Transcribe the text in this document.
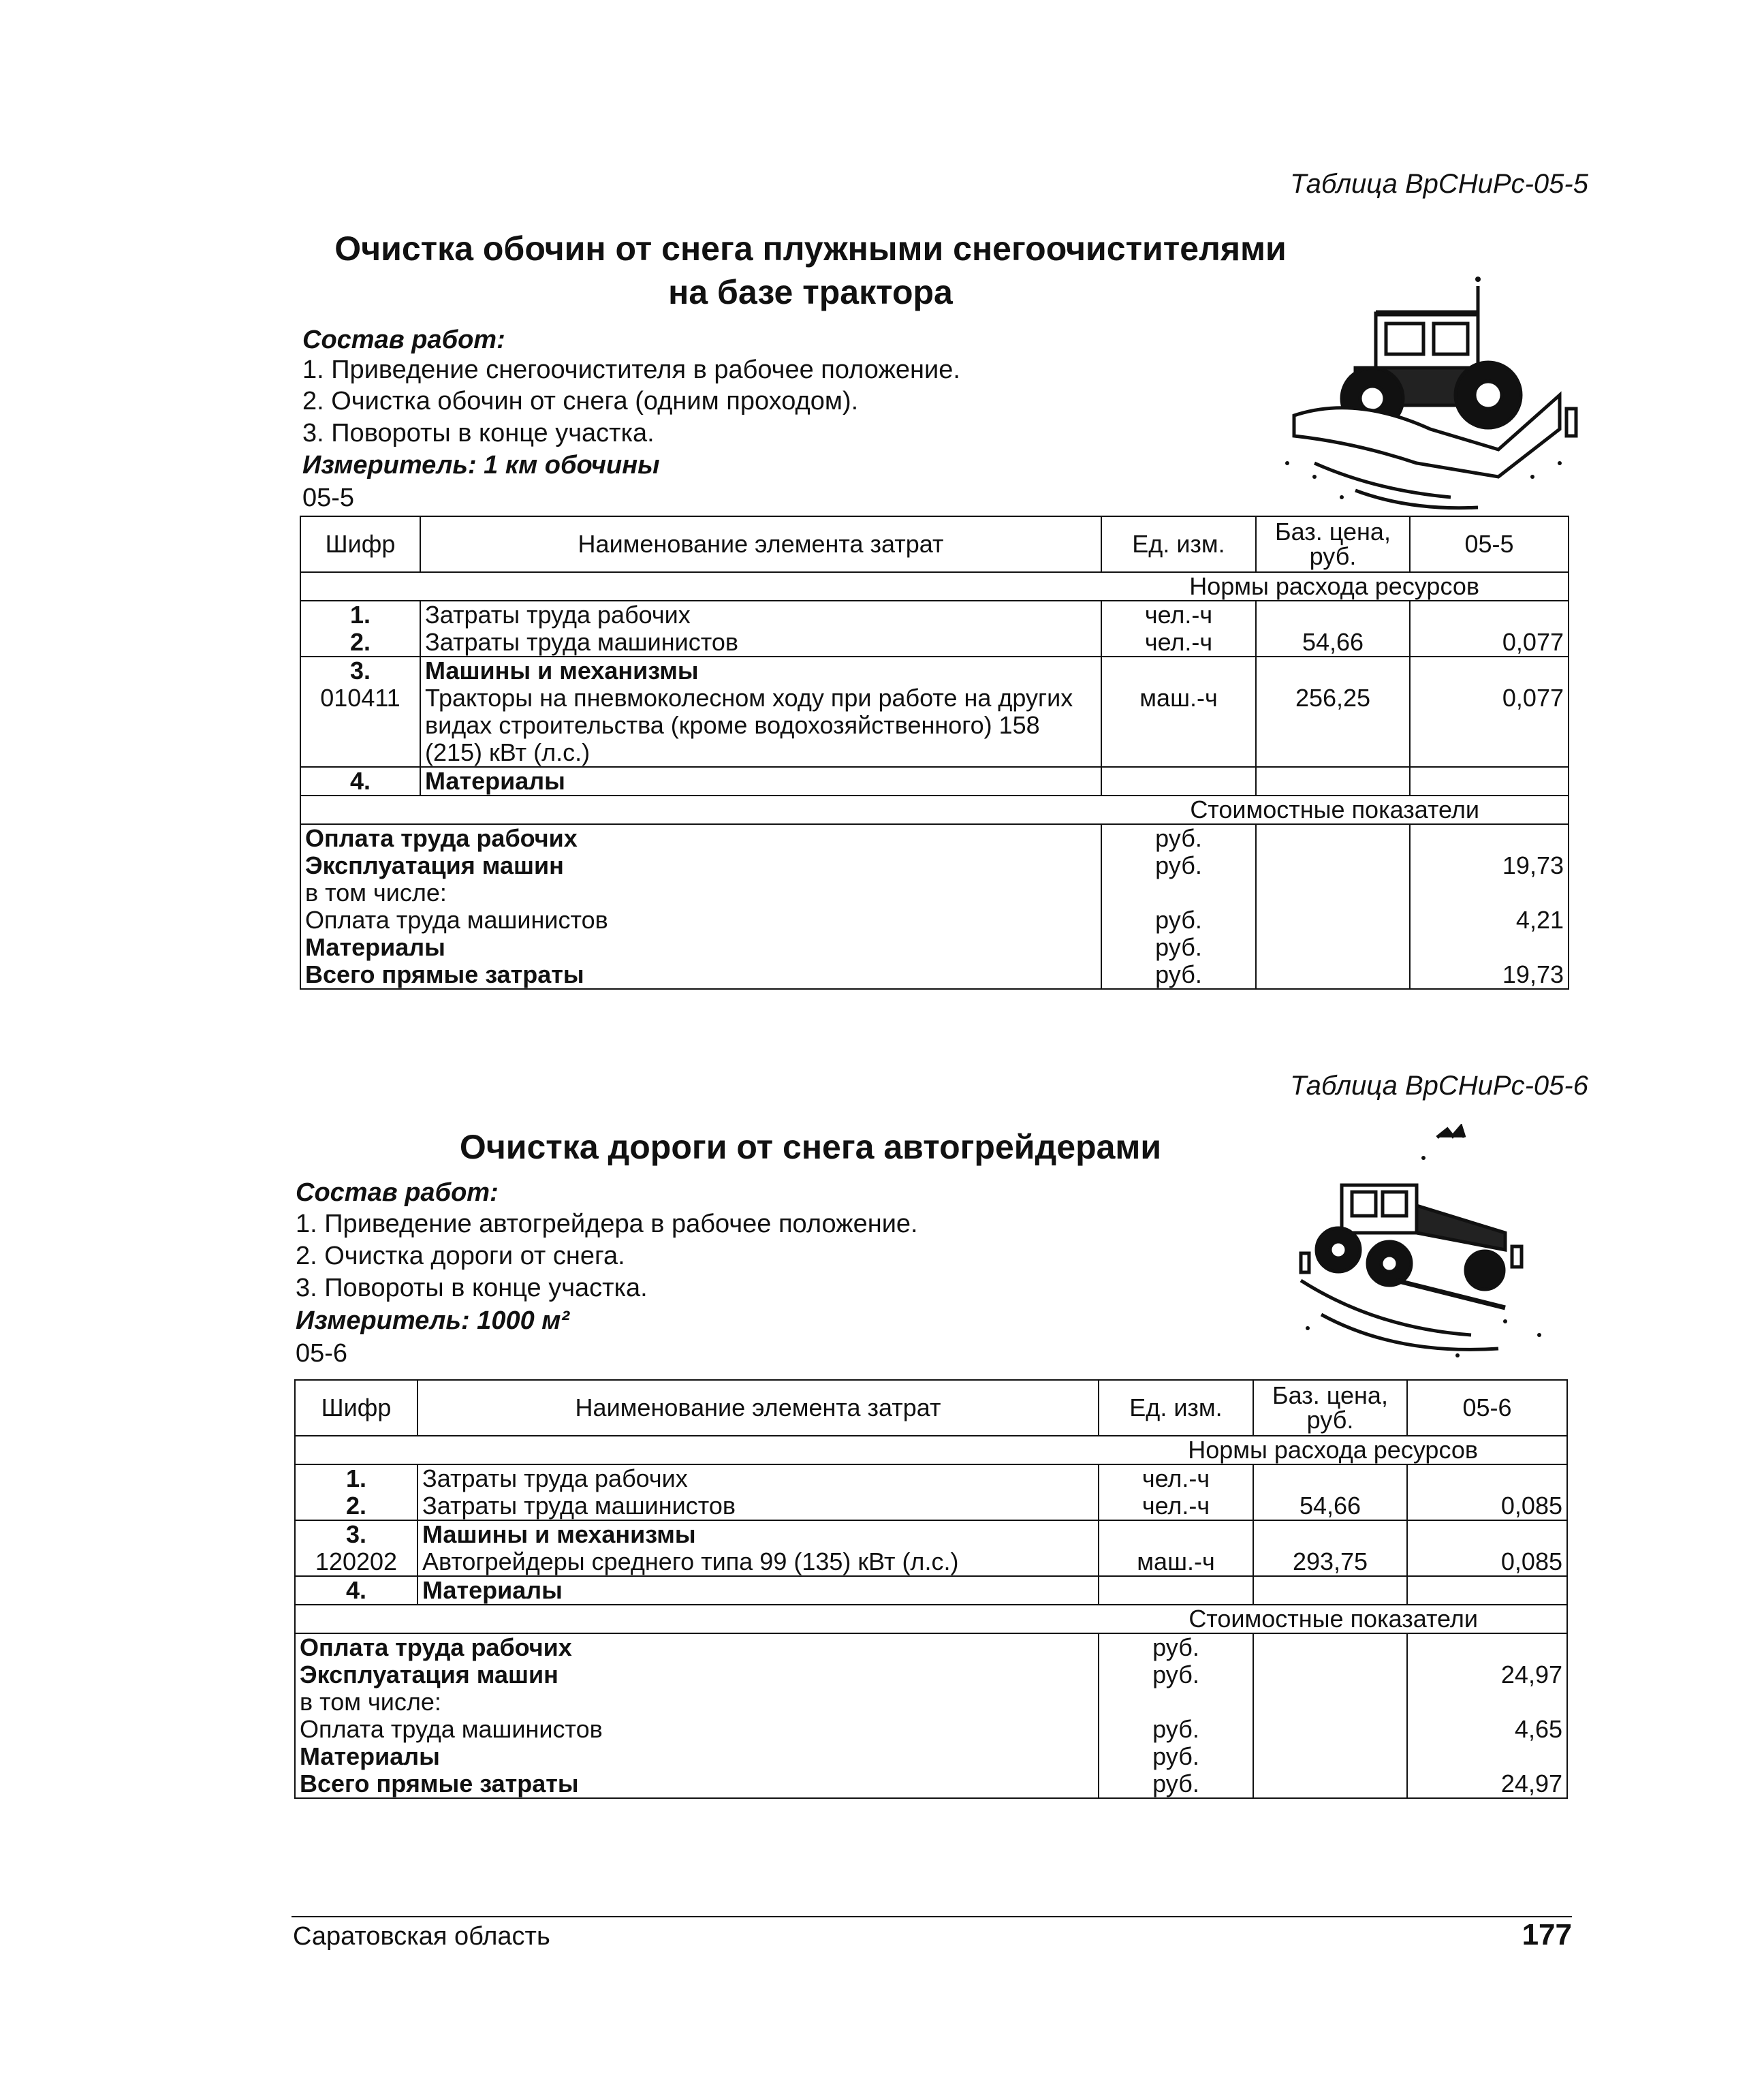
Таблица ВрСНиРс-05-5
Очистка обочин от снега плужными снегоочистителями
на базе трактора
Состав работ:
1. Приведение снегоочистителя в рабочее положение.
2. Очистка обочин от снега (одним проходом).
3. Повороты в конце участка.
Измеритель: 1 км обочины
05-5
Шифр	Наименование элемента затрат	Ед. изм.	Баз. цена, руб.	05-5
Нормы расхода ресурсов				
1.	Затраты труда рабочих	чел.-ч		
2.	Затраты труда машинистов	чел.-ч	54,66	0,077
3.	Машины и механизмы			
010411	Тракторы на пневмоколесном ходу при работе на других видах строительства (кроме водохозяйственного) 158 (215) кВт (л.с.)	маш.-ч	256,25	0,077
4.	Материалы			
Стоимостные показатели				
Оплата труда рабочих		руб.		
Эксплуатация машин		руб.		19,73
в том числе:				
Оплата труда машинистов		руб.		4,21
Материалы		руб.		
Всего прямые затраты		руб.		19,73
Таблица ВрСНиРс-05-6
Очистка дороги от снега автогрейдерами
Состав работ:
1. Приведение автогрейдера в рабочее положение.
2. Очистка дороги от снега.
3. Повороты в конце участка.
Измеритель: 1000 м²
05-6
Шифр	Наименование элемента затрат	Ед. изм.	Баз. цена, руб.	05-6
Нормы расхода ресурсов				
1.	Затраты труда рабочих	чел.-ч		
2.	Затраты труда машинистов	чел.-ч	54,66	0,085
3.	Машины и механизмы			
120202	Автогрейдеры среднего типа 99 (135) кВт (л.с.)	маш.-ч	293,75	0,085
4.	Материалы			
Стоимостные показатели				
Оплата труда рабочих		руб.		
Эксплуатация машин		руб.		24,97
в том числе:				
Оплата труда машинистов		руб.		4,65
Материалы		руб.		
Всего прямые затраты		руб.		24,97
Саратовская область	177
